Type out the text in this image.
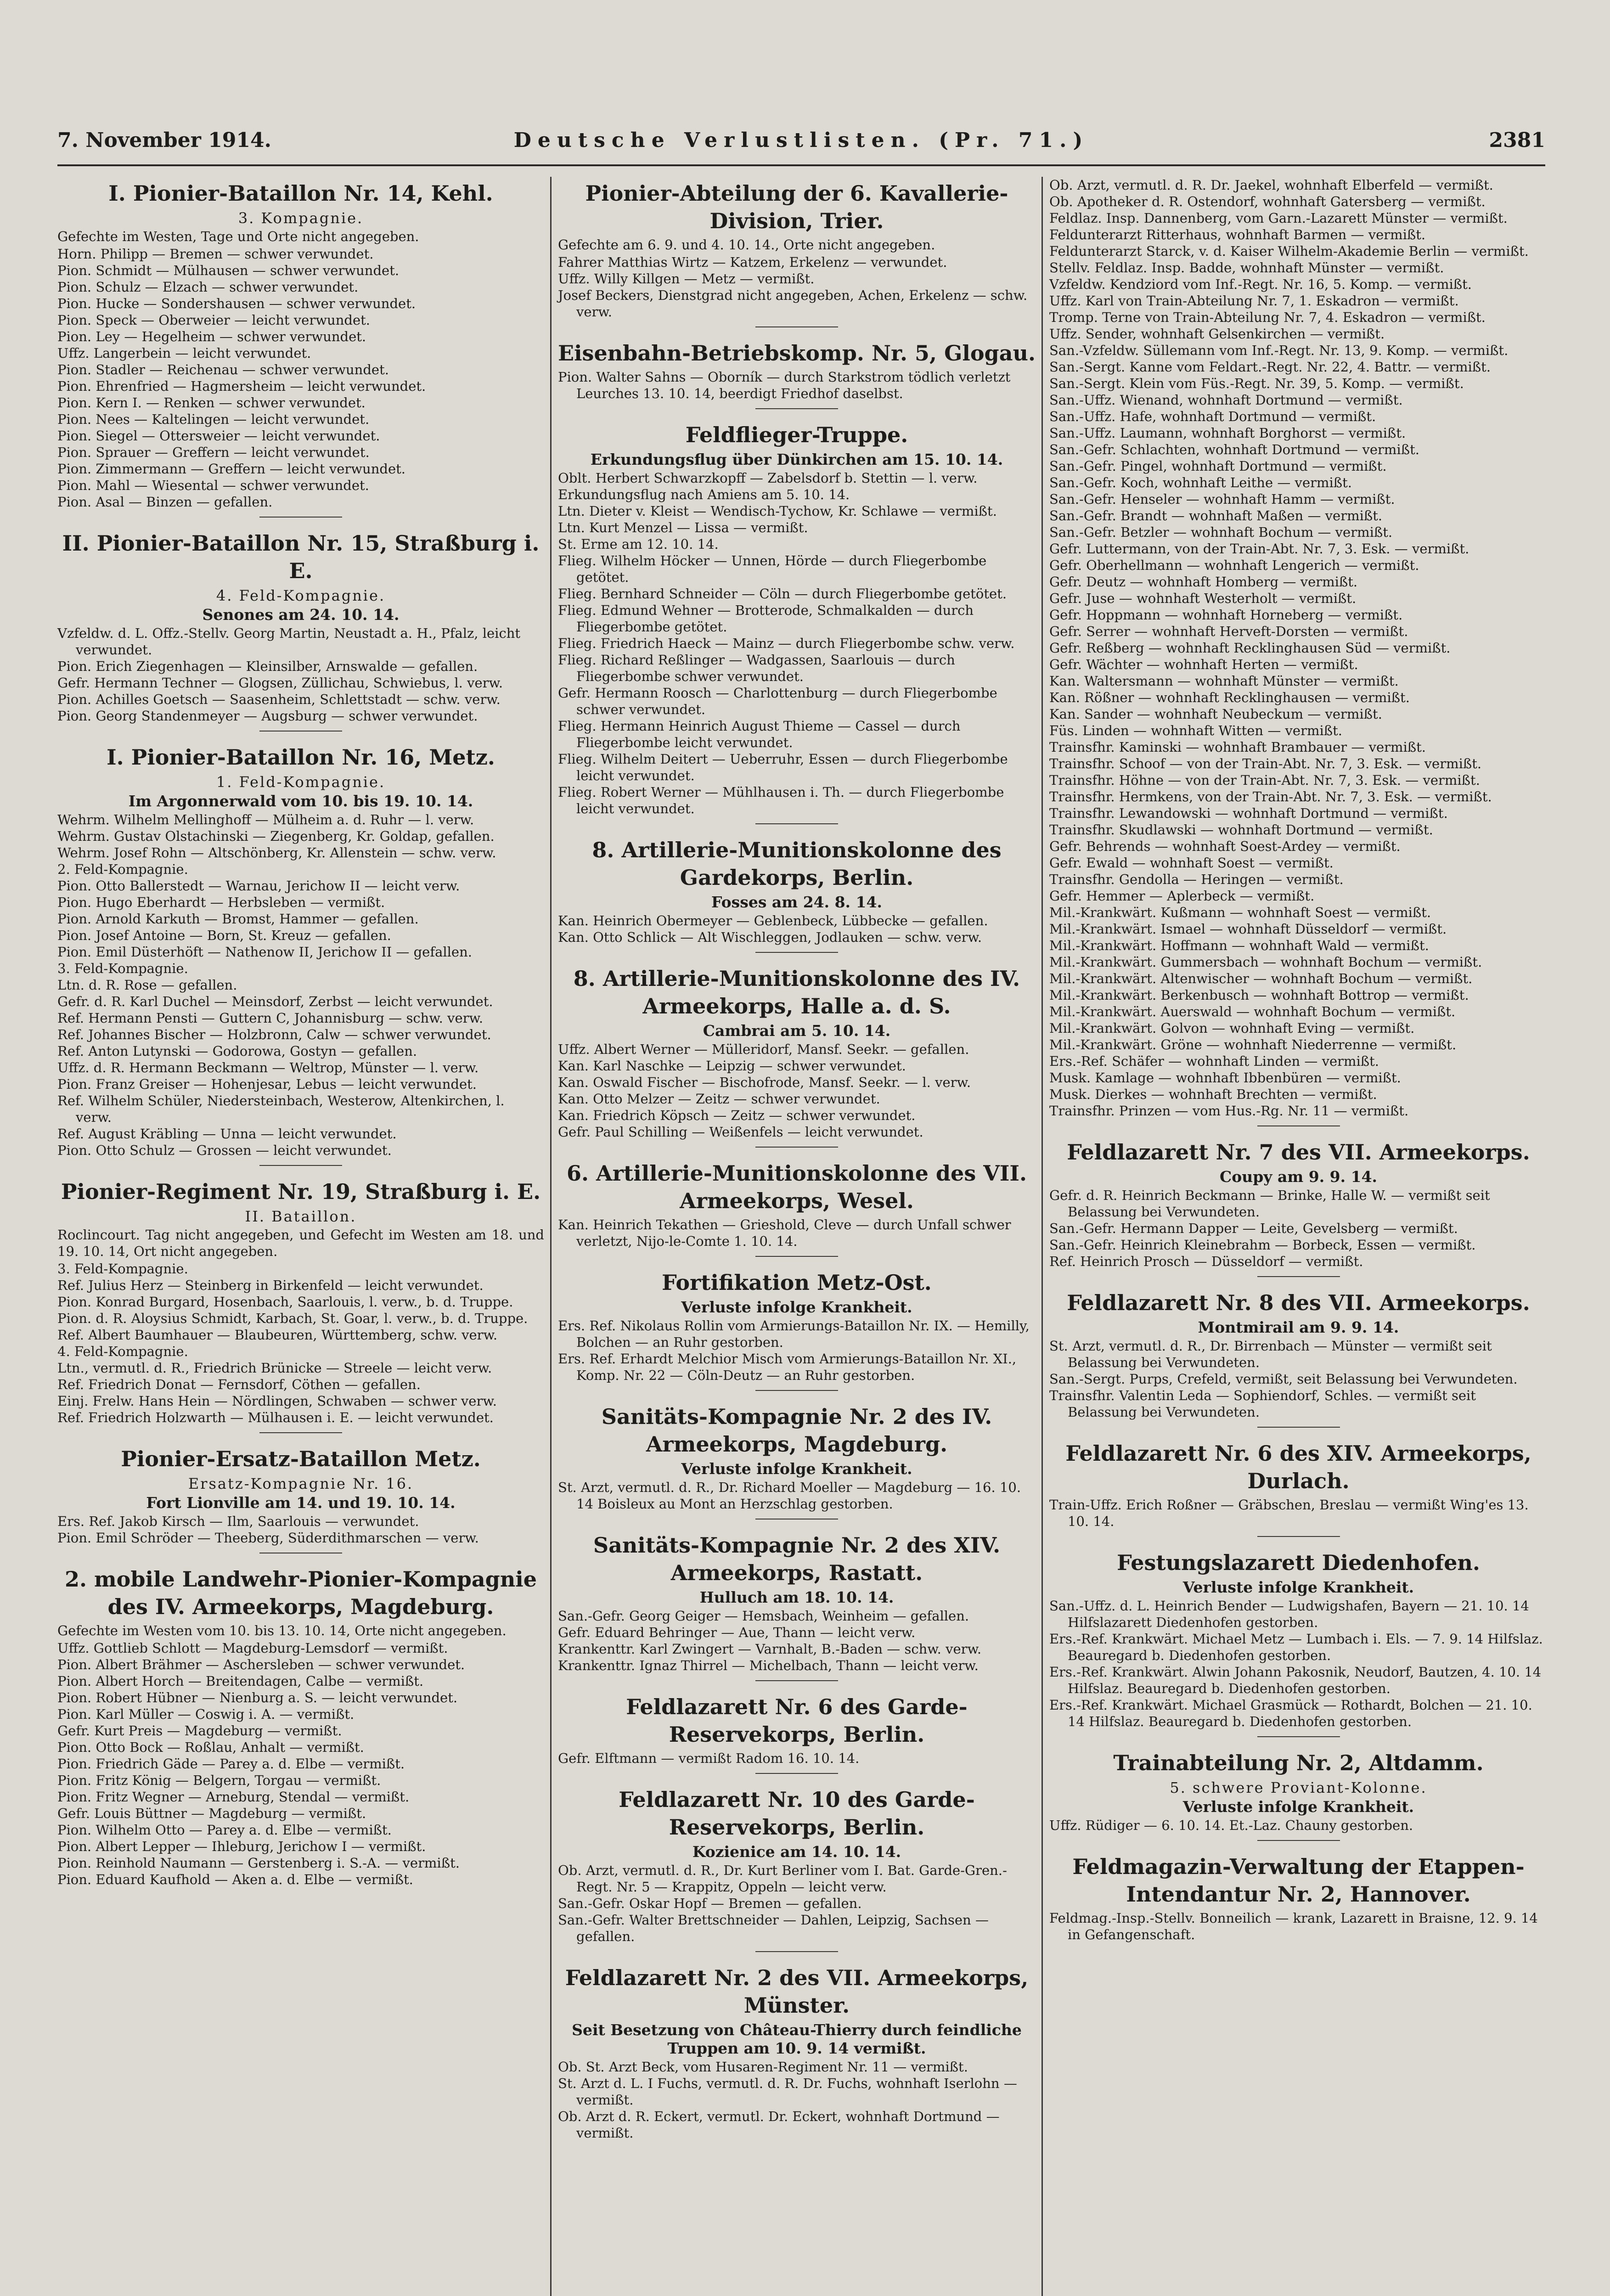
7. November 1914.	Deutsche Verlustlisten. (Pr. 71.)	2381
I. Pionier-Bataillon Nr. 14, Kehl.
3. Kompagnie.
Gefechte im Westen, Tage und Orte nicht angegeben.
Horn. Philipp — Bremen — schwer verwundet.
Pion. Schmidt — Mülhausen — schwer verwundet.
Pion. Schulz — Elzach — schwer verwundet.
Pion. Hucke — Sondershausen — schwer verwundet.
Pion. Speck — Oberweier — leicht verwundet.
Pion. Ley — Hegelheim — schwer verwundet.
Uffz. Langerbein — leicht verwundet.
Pion. Stadler — Reichenau — schwer verwundet.
Pion. Ehrenfried — Hagmersheim — leicht verwundet.
Pion. Kern I. — Renken — schwer verwundet.
Pion. Nees — Kaltelingen — leicht verwundet.
Pion. Siegel — Ottersweier — leicht verwundet.
Pion. Sprauer — Greffern — leicht verwundet.
Pion. Zimmermann — Greffern — leicht verwundet.
Pion. Mahl — Wiesental — schwer verwundet.
Pion. Asal — Binzen — gefallen.
II. Pionier-Bataillon Nr. 15, Straßburg i. E.
4. Feld-Kompagnie.
Senones am 24. 10. 14.
Vzfeldw. d. L. Offz.-Stellv. Georg Martin, Neustadt a. H., Pfalz, leicht verwundet.
Pion. Erich Ziegenhagen — Kleinsilber, Arnswalde — gefallen.
Gefr. Hermann Techner — Glogsen, Züllichau, Schwiebus, l. verw.
Pion. Achilles Goetsch — Saasenheim, Schlettstadt — schw. verw.
Pion. Georg Standenmeyer — Augsburg — schwer verwundet.
I. Pionier-Bataillon Nr. 16, Metz.
1. Feld-Kompagnie.
Im Argonnerwald vom 10. bis 19. 10. 14.
Wehrm. Wilhelm Mellinghoff — Mülheim a. d. Ruhr — l. verw.
Wehrm. Gustav Olstachinski — Ziegenberg, Kr. Goldap, gefallen.
Wehrm. Josef Rohn — Altschönberg, Kr. Allenstein — schw. verw.
2. Feld-Kompagnie.
Pion. Otto Ballerstedt — Warnau, Jerichow II — leicht verw.
Pion. Hugo Eberhardt — Herbsleben — vermißt.
Pion. Arnold Karkuth — Bromst, Hammer — gefallen.
Pion. Josef Antoine — Born, St. Kreuz — gefallen.
Pion. Emil Düsterhöft — Nathenow II, Jerichow II — gefallen.
3. Feld-Kompagnie.
Ltn. d. R. Rose — gefallen.
Gefr. d. R. Karl Duchel — Meinsdorf, Zerbst — leicht verwundet.
Ref. Hermann Pensti — Guttern C, Johannisburg — schw. verw.
Ref. Johannes Bischer — Holzbronn, Calw — schwer verwundet.
Ref. Anton Lutynski — Godorowa, Gostyn — gefallen.
Uffz. d. R. Hermann Beckmann — Weltrop, Münster — l. verw.
Pion. Franz Greiser — Hohenjesar, Lebus — leicht verwundet.
Ref. Wilhelm Schüler, Niedersteinbach, Westerow, Altenkirchen, l. verw.
Ref. August Kräbling — Unna — leicht verwundet.
Pion. Otto Schulz — Grossen — leicht verwundet.
Pionier-Regiment Nr. 19, Straßburg i. E.
II. Bataillon.
Roclincourt. Tag nicht angegeben, und Gefecht im Westen am 18. und 19. 10. 14, Ort nicht angegeben.
3. Feld-Kompagnie.
Ref. Julius Herz — Steinberg in Birkenfeld — leicht verwundet.
Pion. Konrad Burgard, Hosenbach, Saarlouis, l. verw., b. d. Truppe.
Pion. d. R. Aloysius Schmidt, Karbach, St. Goar, l. verw., b. d. Truppe.
Ref. Albert Baumhauer — Blaubeuren, Württemberg, schw. verw.
4. Feld-Kompagnie.
Ltn., vermutl. d. R., Friedrich Brünicke — Streele — leicht verw.
Ref. Friedrich Donat — Fernsdorf, Cöthen — gefallen.
Einj. Frelw. Hans Hein — Nördlingen, Schwaben — schwer verw.
Ref. Friedrich Holzwarth — Mülhausen i. E. — leicht verwundet.
Pionier-Ersatz-Bataillon Metz.
Ersatz-Kompagnie Nr. 16.
Fort Lionville am 14. und 19. 10. 14.
Ers. Ref. Jakob Kirsch — Ilm, Saarlouis — verwundet.
Pion. Emil Schröder — Theeberg, Süderdithmarschen — verw.
2. mobile Landwehr-Pionier-Kompagnie des IV. Armeekorps, Magdeburg.
Gefechte im Westen vom 10. bis 13. 10. 14, Orte nicht angegeben.
Uffz. Gottlieb Schlott — Magdeburg-Lemsdorf — vermißt.
Pion. Albert Brähmer — Aschersleben — schwer verwundet.
Pion. Albert Horch — Breitendagen, Calbe — vermißt.
Pion. Robert Hübner — Nienburg a. S. — leicht verwundet.
Pion. Karl Müller — Coswig i. A. — vermißt.
Gefr. Kurt Preis — Magdeburg — vermißt.
Pion. Otto Bock — Roßlau, Anhalt — vermißt.
Pion. Friedrich Gäde — Parey a. d. Elbe — vermißt.
Pion. Fritz König — Belgern, Torgau — vermißt.
Pion. Fritz Wegner — Arneburg, Stendal — vermißt.
Gefr. Louis Büttner — Magdeburg — vermißt.
Pion. Wilhelm Otto — Parey a. d. Elbe — vermißt.
Pion. Albert Lepper — Ihleburg, Jerichow I — vermißt.
Pion. Reinhold Naumann — Gerstenberg i. S.-A. — vermißt.
Pion. Eduard Kaufhold — Aken a. d. Elbe — vermißt.
Pionier-Abteilung der 6. Kavallerie-Division, Trier.
Gefechte am 6. 9. und 4. 10. 14., Orte nicht angegeben.
Fahrer Matthias Wirtz — Katzem, Erkelenz — verwundet.
Uffz. Willy Killgen — Metz — vermißt.
Josef Beckers, Dienstgrad nicht angegeben, Achen, Erkelenz — schw. verw.
Eisenbahn-Betriebskomp. Nr. 5, Glogau.
Pion. Walter Sahns — Oborník — durch Starkstrom tödlich verletzt Leurches 13. 10. 14, beerdigt Friedhof daselbst.
Feldflieger-Truppe.
Erkundungsflug über Dünkirchen am 15. 10. 14.
Oblt. Herbert Schwarzkopff — Zabelsdorf b. Stettin — l. verw.
Erkundungsflug nach Amiens am 5. 10. 14.
Ltn. Dieter v. Kleist — Wendisch-Tychow, Kr. Schlawe — vermißt.
Ltn. Kurt Menzel — Lissa — vermißt.
St. Erme am 12. 10. 14.
Flieg. Wilhelm Höcker — Unnen, Hörde — durch Fliegerbombe getötet.
Flieg. Bernhard Schneider — Cöln — durch Fliegerbombe getötet.
Flieg. Edmund Wehner — Brotterode, Schmalkalden — durch Fliegerbombe getötet.
Flieg. Friedrich Haeck — Mainz — durch Fliegerbombe schw. verw.
Flieg. Richard Reßlinger — Wadgassen, Saarlouis — durch Fliegerbombe schwer verwundet.
Gefr. Hermann Roosch — Charlottenburg — durch Fliegerbombe schwer verwundet.
Flieg. Hermann Heinrich August Thieme — Cassel — durch Fliegerbombe leicht verwundet.
Flieg. Wilhelm Deitert — Ueberruhr, Essen — durch Fliegerbombe leicht verwundet.
Flieg. Robert Werner — Mühlhausen i. Th. — durch Fliegerbombe leicht verwundet.
8. Artillerie-Munitionskolonne des Gardekorps, Berlin.
Fosses am 24. 8. 14.
Kan. Heinrich Obermeyer — Geblenbeck, Lübbecke — gefallen.
Kan. Otto Schlick — Alt Wischleggen, Jodlauken — schw. verw.
8. Artillerie-Munitionskolonne des IV. Armeekorps, Halle a. d. S.
Cambrai am 5. 10. 14.
Uffz. Albert Werner — Mülleridorf, Mansf. Seekr. — gefallen.
Kan. Karl Naschke — Leipzig — schwer verwundet.
Kan. Oswald Fischer — Bischofrode, Mansf. Seekr. — l. verw.
Kan. Otto Melzer — Zeitz — schwer verwundet.
Kan. Friedrich Köpsch — Zeitz — schwer verwundet.
Gefr. Paul Schilling — Weißenfels — leicht verwundet.
6. Artillerie-Munitionskolonne des VII. Armeekorps, Wesel.
Kan. Heinrich Tekathen — Grieshold, Cleve — durch Unfall schwer verletzt, Nijo-le-Comte 1. 10. 14.
Fortifikation Metz-Ost.
Verluste infolge Krankheit.
Ers. Ref. Nikolaus Rollin vom Armierungs-Bataillon Nr. IX. — Hemilly, Bolchen — an Ruhr gestorben.
Ers. Ref. Erhardt Melchior Misch vom Armierungs-Bataillon Nr. XI., Komp. Nr. 22 — Cöln-Deutz — an Ruhr gestorben.
Sanitäts-Kompagnie Nr. 2 des IV. Armeekorps, Magdeburg.
Verluste infolge Krankheit.
St. Arzt, vermutl. d. R., Dr. Richard Moeller — Magdeburg — 16. 10. 14 Boisleux au Mont an Herzschlag gestorben.
Sanitäts-Kompagnie Nr. 2 des XIV. Armeekorps, Rastatt.
Hulluch am 18. 10. 14.
San.-Gefr. Georg Geiger — Hemsbach, Weinheim — gefallen.
Gefr. Eduard Behringer — Aue, Thann — leicht verw.
Krankenttr. Karl Zwingert — Varnhalt, B.-Baden — schw. verw.
Krankenttr. Ignaz Thirrel — Michelbach, Thann — leicht verw.
Feldlazarett Nr. 6 des Garde-Reservekorps, Berlin.
Gefr. Elftmann — vermißt Radom 16. 10. 14.
Feldlazarett Nr. 10 des Garde-Reservekorps, Berlin.
Kozienice am 14. 10. 14.
Ob. Arzt, vermutl. d. R., Dr. Kurt Berliner vom I. Bat. Garde-Gren.-Regt. Nr. 5 — Krappitz, Oppeln — leicht verw.
San.-Gefr. Oskar Hopf — Bremen — gefallen.
San.-Gefr. Walter Brettschneider — Dahlen, Leipzig, Sachsen — gefallen.
Feldlazarett Nr. 2 des VII. Armeekorps, Münster.
Seit Besetzung von Château-Thierry durch feindliche Truppen am 10. 9. 14 vermißt.
Ob. St. Arzt Beck, vom Husaren-Regiment Nr. 11 — vermißt.
St. Arzt d. L. I Fuchs, vermutl. d. R. Dr. Fuchs, wohnhaft Iserlohn — vermißt.
Ob. Arzt d. R. Eckert, vermutl. Dr. Eckert, wohnhaft Dortmund — vermißt.
Ob. Arzt, vermutl. d. R. Dr. Jaekel, wohnhaft Elberfeld — vermißt.
Ob. Apotheker d. R. Ostendorf, wohnhaft Gatersberg — vermißt.
Feldlaz. Insp. Dannenberg, vom Garn.-Lazarett Münster — vermißt.
Feldunterarzt Ritterhaus, wohnhaft Barmen — vermißt.
Feldunterarzt Starck, v. d. Kaiser Wilhelm-Akademie Berlin — vermißt.
Stellv. Feldlaz. Insp. Badde, wohnhaft Münster — vermißt.
Vzfeldw. Kendziord vom Inf.-Regt. Nr. 16, 5. Komp. — vermißt.
Uffz. Karl von Train-Abteilung Nr. 7, 1. Eskadron — vermißt.
Tromp. Terne von Train-Abteilung Nr. 7, 4. Eskadron — vermißt.
Uffz. Sender, wohnhaft Gelsenkirchen — vermißt.
San.-Vzfeldw. Süllemann vom Inf.-Regt. Nr. 13, 9. Komp. — vermißt.
San.-Sergt. Kanne vom Feldart.-Regt. Nr. 22, 4. Battr. — vermißt.
San.-Sergt. Klein vom Füs.-Regt. Nr. 39, 5. Komp. — vermißt.
San.-Uffz. Wienand, wohnhaft Dortmund — vermißt.
San.-Uffz. Hafe, wohnhaft Dortmund — vermißt.
San.-Uffz. Laumann, wohnhaft Borghorst — vermißt.
San.-Gefr. Schlachten, wohnhaft Dortmund — vermißt.
San.-Gefr. Pingel, wohnhaft Dortmund — vermißt.
San.-Gefr. Koch, wohnhaft Leithe — vermißt.
San.-Gefr. Henseler — wohnhaft Hamm — vermißt.
San.-Gefr. Brandt — wohnhaft Maßen — vermißt.
San.-Gefr. Betzler — wohnhaft Bochum — vermißt.
Gefr. Luttermann, von der Train-Abt. Nr. 7, 3. Esk. — vermißt.
Gefr. Oberhellmann — wohnhaft Lengerich — vermißt.
Gefr. Deutz — wohnhaft Homberg — vermißt.
Gefr. Juse — wohnhaft Westerholt — vermißt.
Gefr. Hoppmann — wohnhaft Horneberg — vermißt.
Gefr. Serrer — wohnhaft Herveft-Dorsten — vermißt.
Gefr. Reßberg — wohnhaft Recklinghausen Süd — vermißt.
Gefr. Wächter — wohnhaft Herten — vermißt.
Kan. Waltersmann — wohnhaft Münster — vermißt.
Kan. Rößner — wohnhaft Recklinghausen — vermißt.
Kan. Sander — wohnhaft Neubeckum — vermißt.
Füs. Linden — wohnhaft Witten — vermißt.
Trainsfhr. Kaminski — wohnhaft Brambauer — vermißt.
Trainsfhr. Schoof — von der Train-Abt. Nr. 7, 3. Esk. — vermißt.
Trainsfhr. Höhne — von der Train-Abt. Nr. 7, 3. Esk. — vermißt.
Trainsfhr. Hermkens, von der Train-Abt. Nr. 7, 3. Esk. — vermißt.
Trainsfhr. Lewandowski — wohnhaft Dortmund — vermißt.
Trainsfhr. Skudlawski — wohnhaft Dortmund — vermißt.
Gefr. Behrends — wohnhaft Soest-Ardey — vermißt.
Gefr. Ewald — wohnhaft Soest — vermißt.
Trainsfhr. Gendolla — Heringen — vermißt.
Gefr. Hemmer — Aplerbeck — vermißt.
Mil.-Krankwärt. Kußmann — wohnhaft Soest — vermißt.
Mil.-Krankwärt. Ismael — wohnhaft Düsseldorf — vermißt.
Mil.-Krankwärt. Hoffmann — wohnhaft Wald — vermißt.
Mil.-Krankwärt. Gummersbach — wohnhaft Bochum — vermißt.
Mil.-Krankwärt. Altenwischer — wohnhaft Bochum — vermißt.
Mil.-Krankwärt. Berkenbusch — wohnhaft Bottrop — vermißt.
Mil.-Krankwärt. Auerswald — wohnhaft Bochum — vermißt.
Mil.-Krankwärt. Golvon — wohnhaft Eving — vermißt.
Mil.-Krankwärt. Gröne — wohnhaft Niederrenne — vermißt.
Ers.-Ref. Schäfer — wohnhaft Linden — vermißt.
Musk. Kamlage — wohnhaft Ibbenbüren — vermißt.
Musk. Dierkes — wohnhaft Brechten — vermißt.
Trainsfhr. Prinzen — vom Hus.-Rg. Nr. 11 — vermißt.
Feldlazarett Nr. 7 des VII. Armeekorps.
Coupy am 9. 9. 14.
Gefr. d. R. Heinrich Beckmann — Brinke, Halle W. — vermißt seit Belassung bei Verwundeten.
San.-Gefr. Hermann Dapper — Leite, Gevelsberg — vermißt.
San.-Gefr. Heinrich Kleinebrahm — Borbeck, Essen — vermißt.
Ref. Heinrich Prosch — Düsseldorf — vermißt.
Feldlazarett Nr. 8 des VII. Armeekorps.
Montmirail am 9. 9. 14.
St. Arzt, vermutl. d. R., Dr. Birrenbach — Münster — vermißt seit Belassung bei Verwundeten.
San.-Sergt. Purps, Crefeld, vermißt, seit Belassung bei Verwundeten.
Trainsfhr. Valentin Leda — Sophiendorf, Schles. — vermißt seit Belassung bei Verwundeten.
Feldlazarett Nr. 6 des XIV. Armeekorps, Durlach.
Train-Uffz. Erich Roßner — Gräbschen, Breslau — vermißt Wing'es 13. 10. 14.
Festungslazarett Diedenhofen.
Verluste infolge Krankheit.
San.-Uffz. d. L. Heinrich Bender — Ludwigshafen, Bayern — 21. 10. 14 Hilfslazarett Diedenhofen gestorben.
Ers.-Ref. Krankwärt. Michael Metz — Lumbach i. Els. — 7. 9. 14 Hilfslaz. Beauregard b. Diedenhofen gestorben.
Ers.-Ref. Krankwärt. Alwin Johann Pakosnik, Neudorf, Bautzen, 4. 10. 14 Hilfslaz. Beauregard b. Diedenhofen gestorben.
Ers.-Ref. Krankwärt. Michael Grasmück — Rothardt, Bolchen — 21. 10. 14 Hilfslaz. Beauregard b. Diedenhofen gestorben.
Trainabteilung Nr. 2, Altdamm.
5. schwere Proviant-Kolonne.
Verluste infolge Krankheit.
Uffz. Rüdiger — 6. 10. 14. Et.-Laz. Chauny gestorben.
Feldmagazin-Verwaltung der Etappen-Intendantur Nr. 2, Hannover.
Feldmag.-Insp.-Stellv. Bonneilich — krank, Lazarett in Braisne, 12. 9. 14 in Gefangenschaft.
